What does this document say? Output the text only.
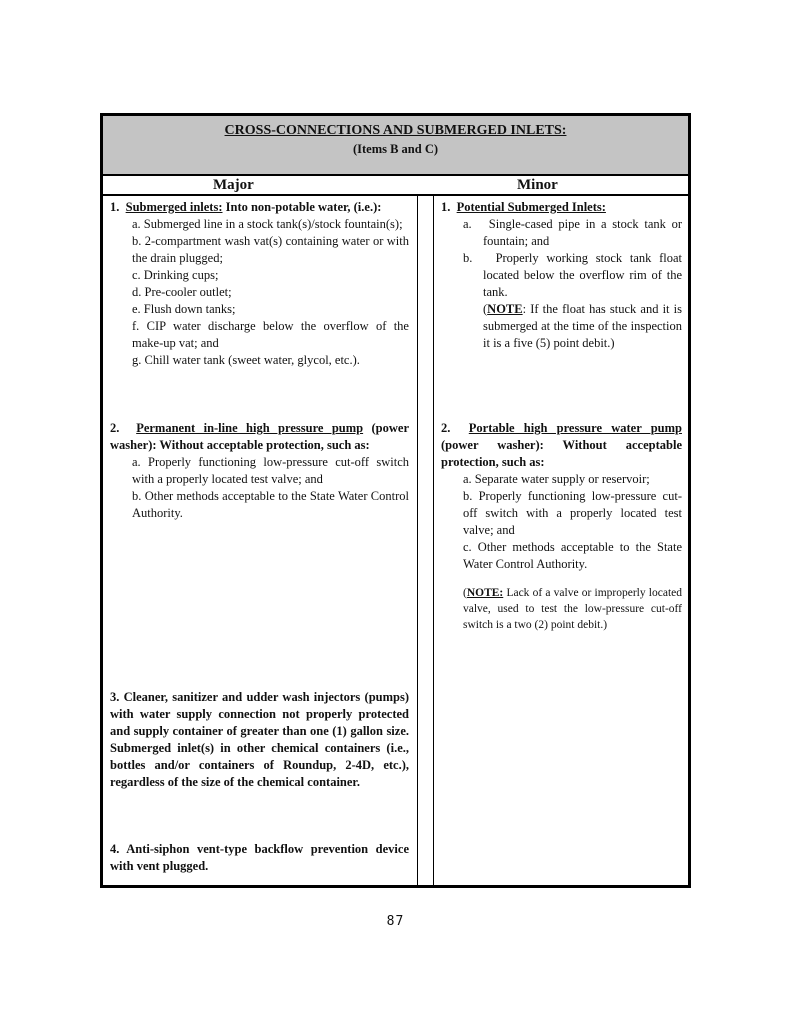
CROSS-CONNECTIONS AND SUBMERGED INLETS:
(Items B and C)
Major	Minor
1. Submerged inlets: Into non-potable water, (i.e.):
a. Submerged line in a stock tank(s)/stock fountain(s);
b. 2-compartment wash vat(s) containing water or with the drain plugged;
c. Drinking cups;
d. Pre-cooler outlet;
e. Flush down tanks;
f. CIP water discharge below the overflow of the make-up vat; and
g. Chill water tank (sweet water, glycol, etc.).
2. Permanent in-line high pressure pump (power washer): Without acceptable protection, such as:
a. Properly functioning low-pressure cut-off switch with a properly located test valve; and
b. Other methods acceptable to the State Water Control Authority.
3. Cleaner, sanitizer and udder wash injectors (pumps) with water supply connection not properly protected and supply container of greater than one (1) gallon size. Submerged inlet(s) in other chemical containers (i.e., bottles and/or containers of Roundup, 2-4D, etc.), regardless of the size of the chemical container.
4. Anti-siphon vent-type backflow prevention device with vent plugged.
1. Potential Submerged Inlets:
a. Single-cased pipe in a stock tank or fountain; and
b. Properly working stock tank float located below the overflow rim of the tank.
(NOTE: If the float has stuck and it is submerged at the time of the inspection it is a five (5) point debit.)
2. Portable high pressure water pump (power washer): Without acceptable protection, such as:
a. Separate water supply or reservoir;
b. Properly functioning low-pressure cut-off switch with a properly located test valve; and
c. Other methods acceptable to the State Water Control Authority.
(NOTE: Lack of a valve or improperly located valve, used to test the low-pressure cut-off switch is a two (2) point debit.)
87
